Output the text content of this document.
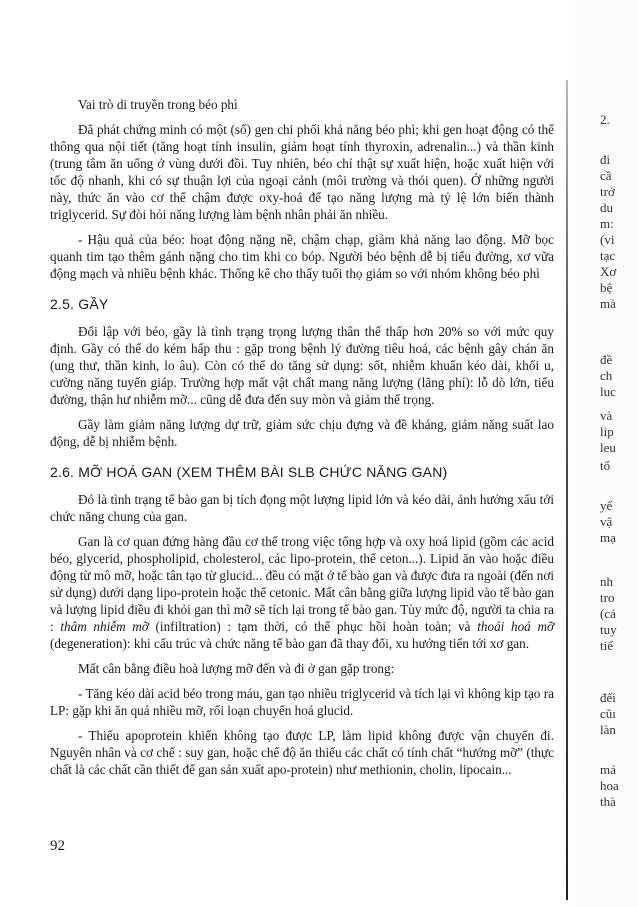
Vai trò di truyền trong béo phì

Đã phát chứng minh có một (số) gen chi phối khả năng béo phì; khi gen hoạt động có thể thông qua nội tiết (tăng hoạt tính insulin, giảm hoạt tính thyroxin, adrenalin...) và thần kinh (trung tâm ăn uống ở vùng dưới đồi. Tuy nhiên, béo chỉ thật sự xuất hiện, hoặc xuất hiện với tốc độ nhanh, khi có sự thuận lợi của ngoại cảnh (môi trường và thói quen). Ở những người này, thức ăn vào cơ thể chậm được oxy-hoá để tạo năng lượng mà tỷ lệ lớn biến thành triglycerid. Sự đòi hỏi năng lượng làm bệnh nhân phải ăn nhiều.

- Hậu quả của béo: hoạt động nặng nề, chậm chạp, giảm khả năng lao động. Mỡ bọc quanh tim tạo thêm gánh nặng cho tim khi co bóp. Người béo bệnh dễ bị tiểu đường, xơ vữa động mạch và nhiều bệnh khác. Thống kê cho thấy tuổi thọ giảm so với nhóm không béo phì

2.5. GẦY

Đối lập với béo, gầy là tình trạng trọng lượng thân thể thấp hơn 20% so với mức quy định. Gầy có thể do kém hấp thu : gặp trong bệnh lý đường tiêu hoá, các bệnh gây chán ăn (ung thư, thần kinh, lo âu). Còn có thể do tăng sử dụng: sốt, nhiễm khuẩn kéo dài, khối u, cường năng tuyến giáp. Trường hợp mất vật chất mang năng lượng (lãng phí): lỗ dò lớn, tiểu đường, thận hư nhiễm mỡ... cũng dễ đưa đến suy mòn và giảm thể trọng.

Gầy làm giảm năng lượng dự trữ, giảm sức chịu đựng và đề kháng, giảm năng suất lao động, dễ bị nhiễm bệnh.

2.6. MỠ HOÁ GAN (XEM THÊM BÀI SLB CHỨC NĂNG GAN)

Đó là tình trạng tế bào gan bị tích đọng một lượng lipid lớn và kéo dài, ảnh hưởng xấu tới chức năng chung của gan.

Gan là cơ quan đứng hàng đầu cơ thể trong việc tổng hợp và oxy hoá lipid (gồm các acid béo, glycerid, phospholipid, cholesterol, các lipo-protein, thể ceton...). Lipid ăn vào hoặc điều động từ mô mỡ, hoặc tân tạo từ glucid... đều có mặt ở tế bào gan và được đưa ra ngoài (đến nơi sử dụng) dưới dạng lipo-protein hoặc thể cetonic. Mất cân bằng giữa lượng lipid vào tế bào gan và lượng lipid điều đi khỏi gan thì mỡ sẽ tích lại trong tế bào gan. Tùy mức độ, người ta chia ra : thâm nhiễm mỡ (infiltration) : tạm thời, có thể phục hồi hoàn toàn; và thoái hoá mỡ (degeneration): khi cấu trúc và chức năng tế bào gan đã thay đổi, xu hướng tiến tới xơ gan.

Mất cân bằng điều hoà lượng mỡ đến và đi ở gan gặp trong:

- Tăng kéo dài acid béo trong máu, gan tạo nhiều triglycerid và tích lại vì không kịp tạo ra LP: gặp khi ăn quá nhiều mỡ, rối loạn chuyển hoá glucid.

- Thiếu apoprotein khiến không tạo được LP, làm lipid không được vận chuyển đi. Nguyên nhân và cơ chế : suy gan, hoặc chế độ ăn thiếu các chất có tính chất “hướng mỡ” (thực chất là các chất cần thiết để gan sản xuất apo-protein) như methionin, cholin, lipocain...

92
2.
đi
cầ
trở
du
m:
(vi
tạc
Xơ
bệ
mà
đề
ch
luc
và
lip
leu
tố
yế
vậ
mạ
nh
tro
(cá
tuy
tiế
đếi
cũı
làn
má
hoa
thà
